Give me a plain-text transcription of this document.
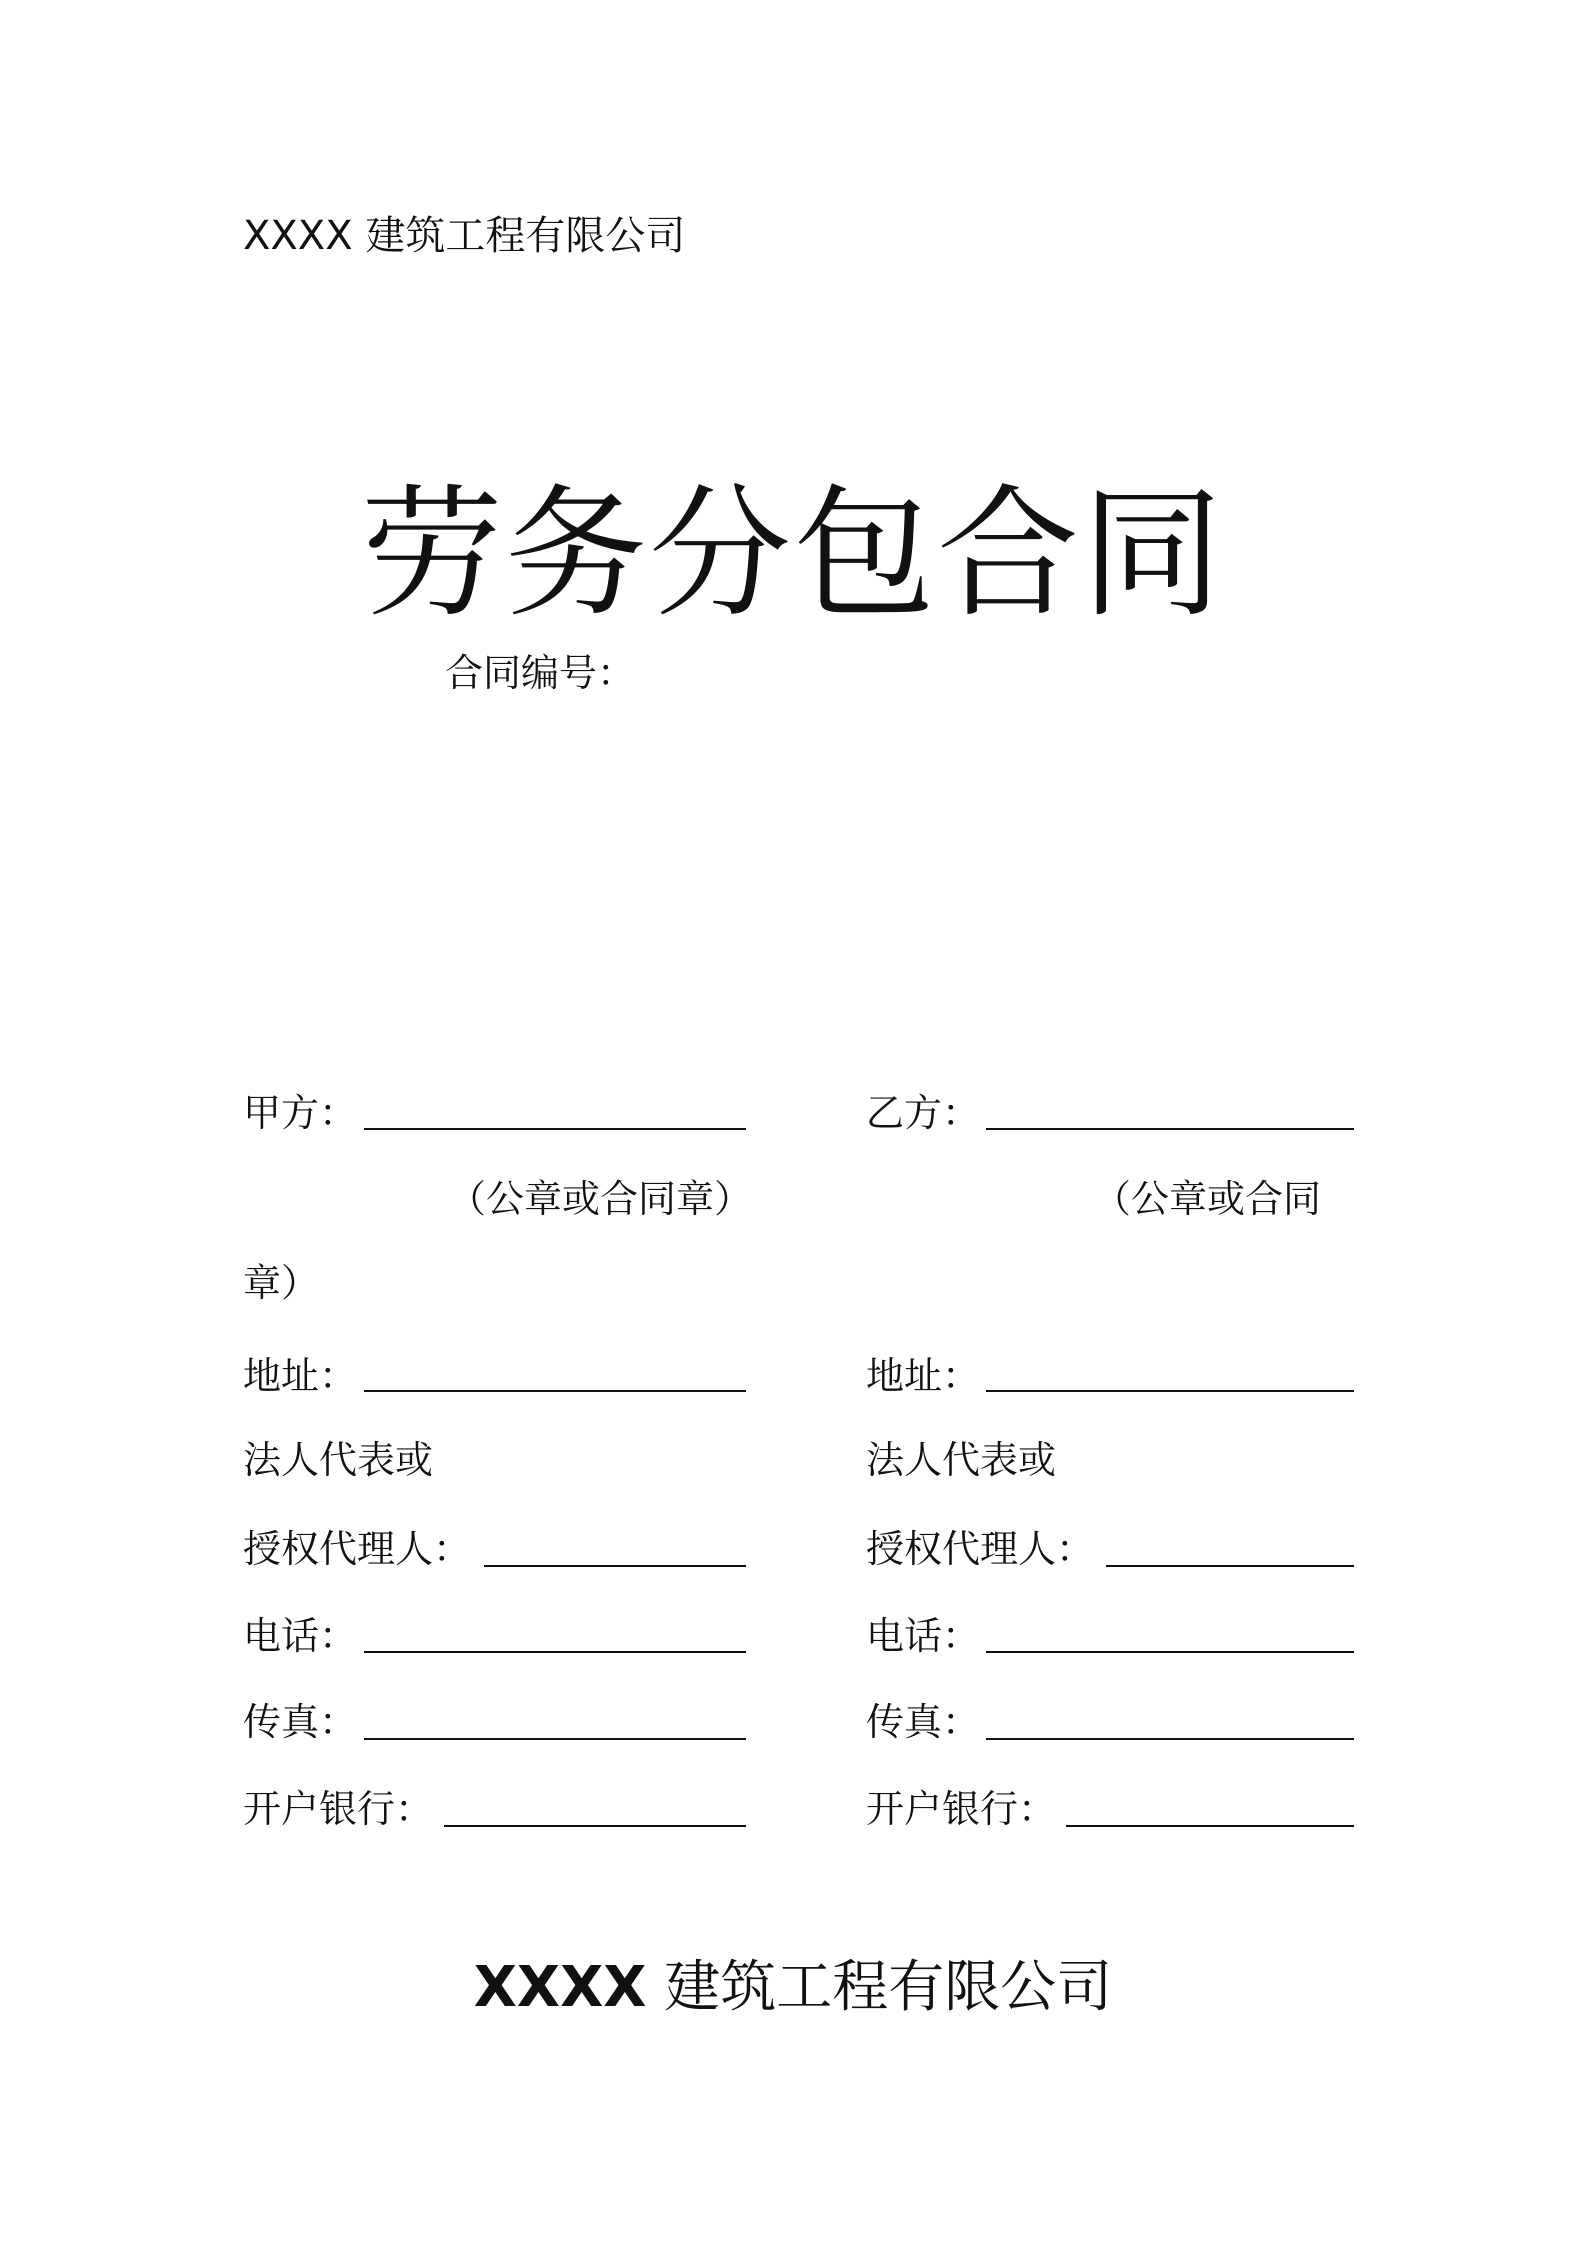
XXXX 建筑工程有限公司
劳务分包合同
合同编号：
甲方：
（公章或合同章）
地址：
法人代表或
授权代理人：
电话：
传真：
开户银行：
乙方：
（公章或合同
章）
地址：
法人代表或
授权代理人：
电话：
传真：
开户银行：
XXXX 建筑工程有限公司
